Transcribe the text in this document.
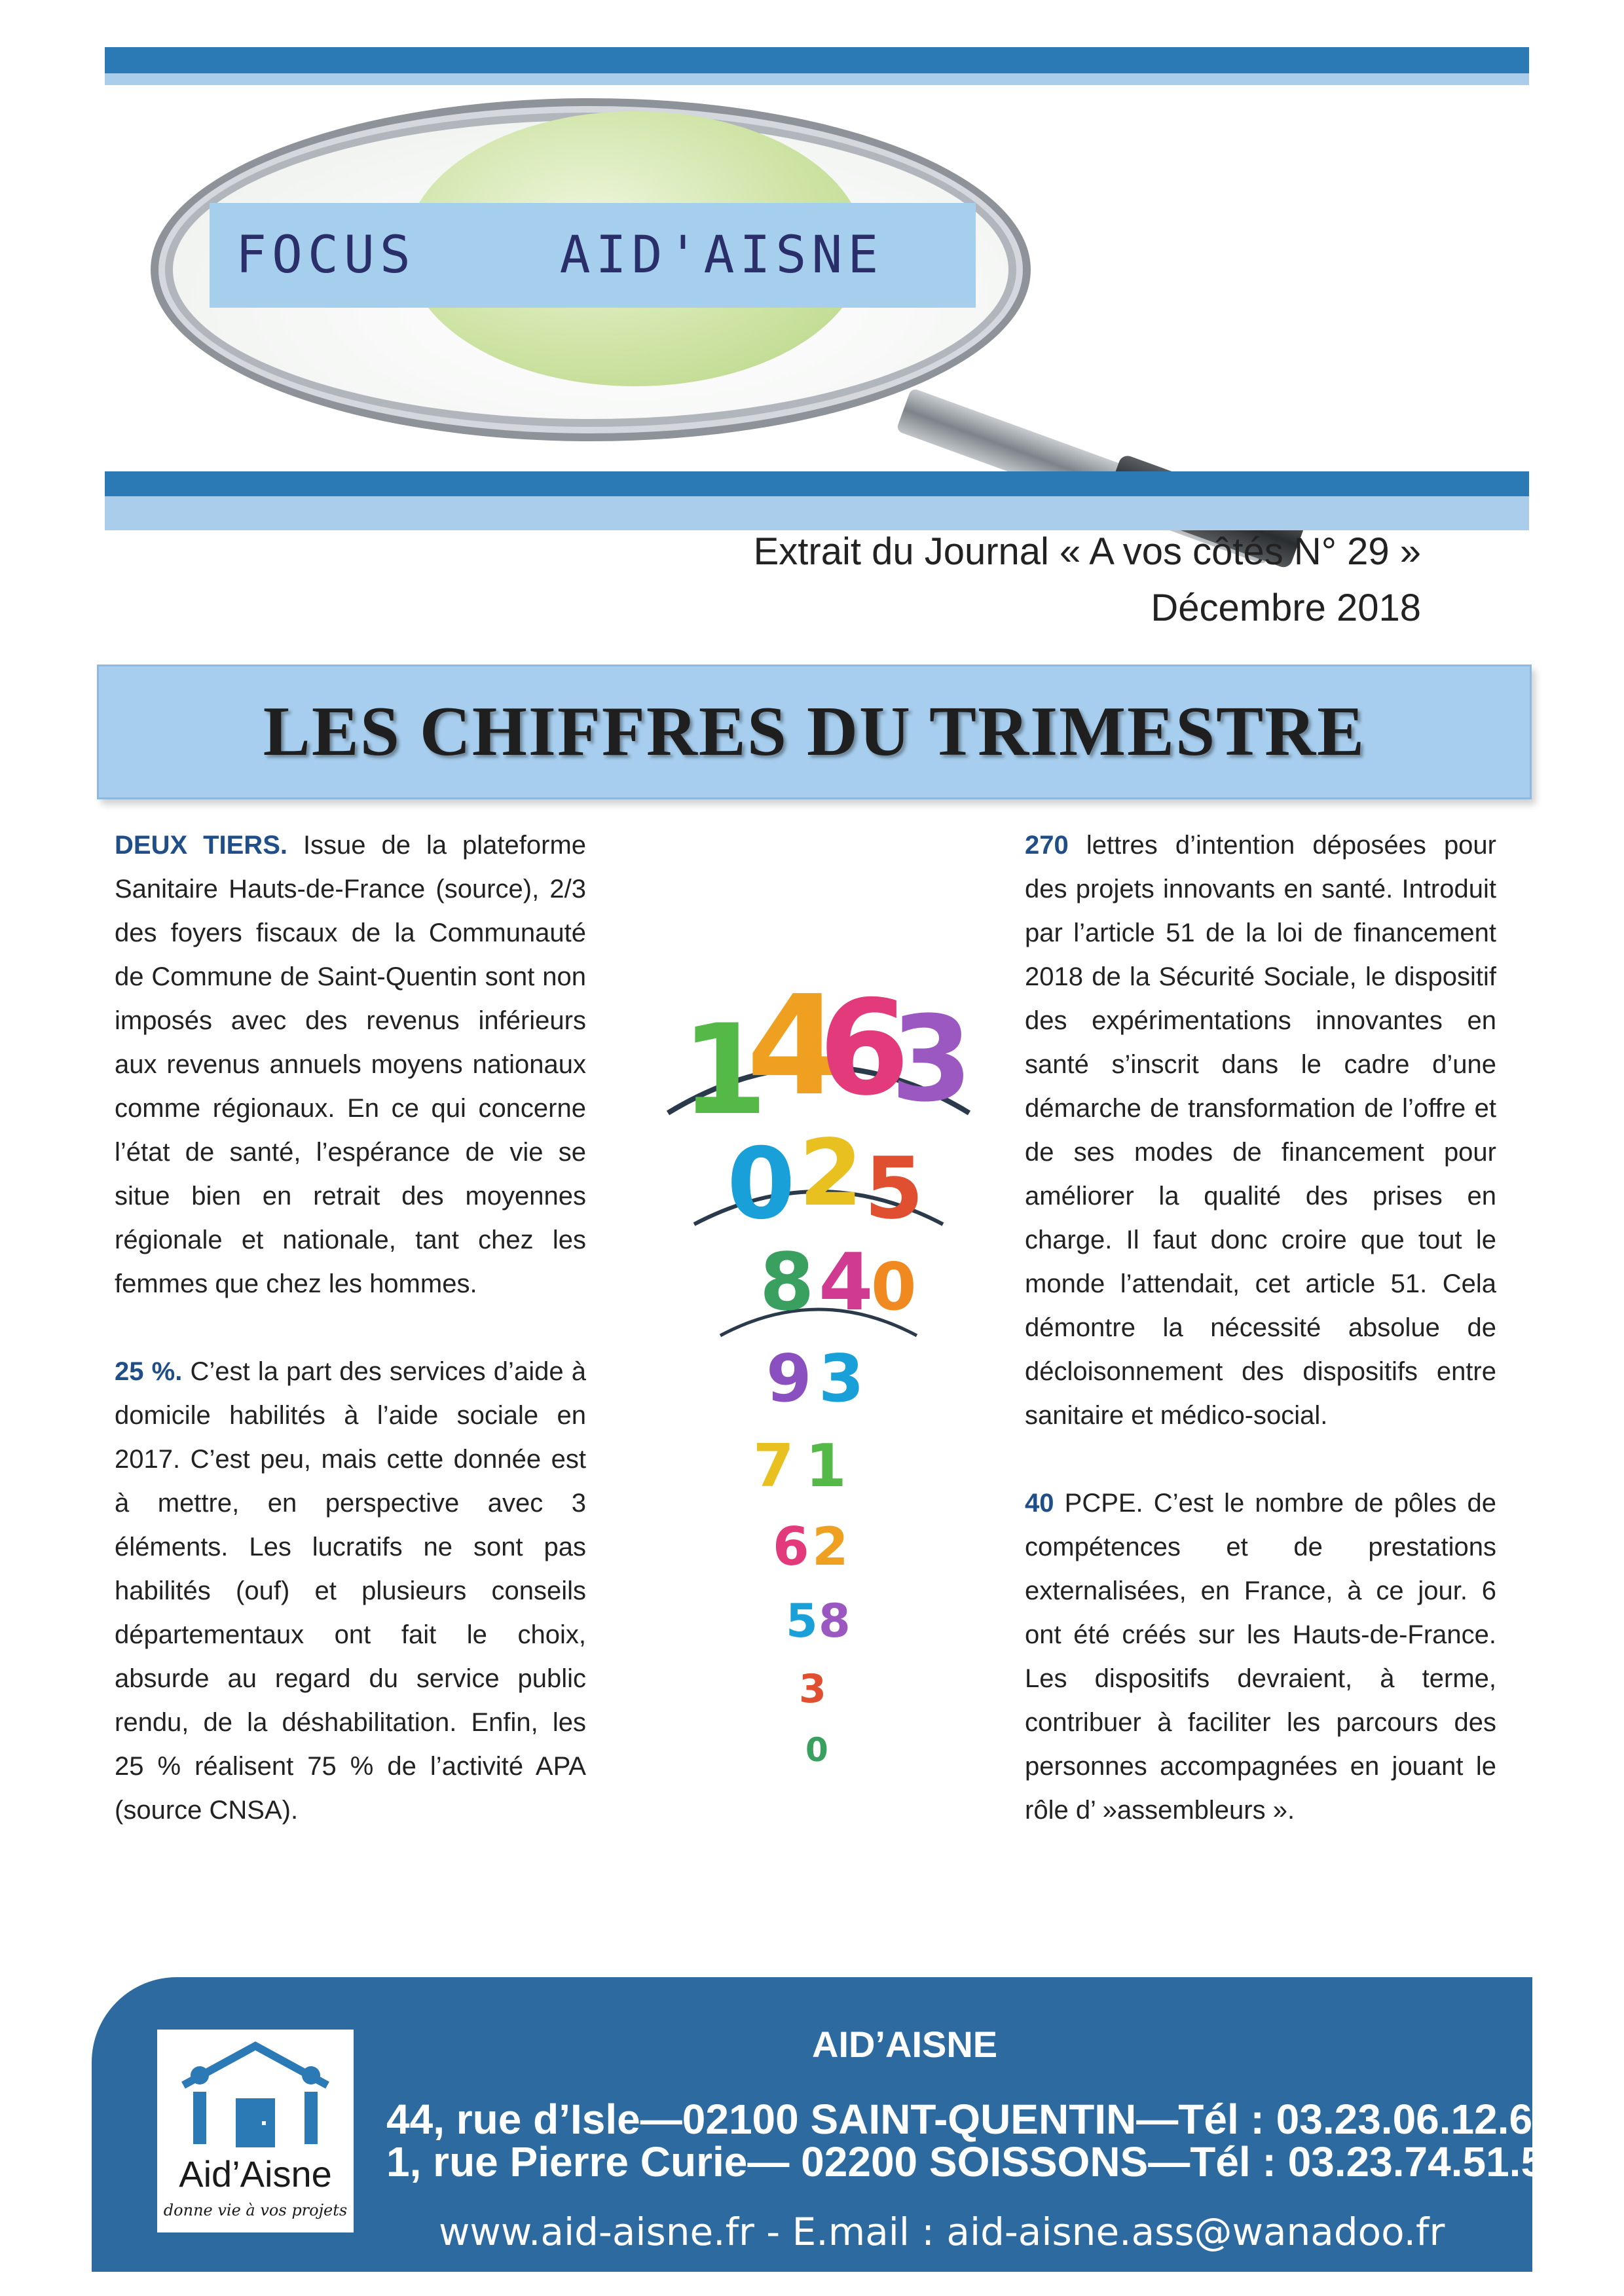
FOCUS    AID'AISNE
Extrait du Journal « A vos côtés N° 29 »
Décembre 2018
LES CHIFFRES DU TRIMESTRE

DEUX TIERS. Issue de la plateforme Sanitaire Hauts-de-France (source), 2/3 des foyers fiscaux de la Communauté de Commune de Saint-Quentin sont non imposés avec des revenus inférieurs aux revenus annuels moyens nationaux comme régionaux. En ce qui concerne l’état de santé, l’espérance de vie se situe bien en retrait des moyennes régionale et nationale, tant chez les femmes que chez les hommes.

25 %. C’est la part des services d’aide à domicile habilités à l’aide sociale en 2017. C’est peu, mais cette donnée est à mettre, en perspective avec 3 éléments. Les lucratifs ne sont pas habilités (ouf) et plusieurs conseils départementaux ont fait le choix, absurde au regard du service public rendu, de la déshabilitation. Enfin, les 25 % réalisent 75 % de l’activité APA (source CNSA).

1
4
6
3
0 2 5
8 4
0
9 3
7 1
6 2
5 8
3
0

270 lettres d’intention déposées pour des projets innovants en santé. Introduit par l’article 51 de la loi de financement 2018 de la Sécurité Sociale, le dispositif des expérimentations innovantes en santé s’inscrit dans le cadre d’une démarche de transformation de l’offre et de ses modes de financement pour améliorer la qualité des prises en charge. Il faut donc croire que tout le monde l’attendait, cet article 51. Cela démontre la nécessité absolue de décloisonnement des dispositifs entre sanitaire et médico-social.

40 PCPE. C’est le nombre de pôles de compétences et de prestations externalisées, en France, à ce jour. 6 ont été créés sur les Hauts-de-France. Les dispositifs devraient, à terme, contribuer à faciliter les parcours des personnes accompagnées en jouant le rôle d’ »assembleurs ».

Aid’Aisne
donne vie à vos projets
AID’AISNE
44, rue d’Isle—02100 SAINT-QUENTIN—Tél : 03.23.06.12.64
1, rue Pierre Curie— 02200 SOISSONS—Tél : 03.23.74.51.50
www.aid-aisne.fr - E.mail : aid-aisne.ass@wanadoo.fr
